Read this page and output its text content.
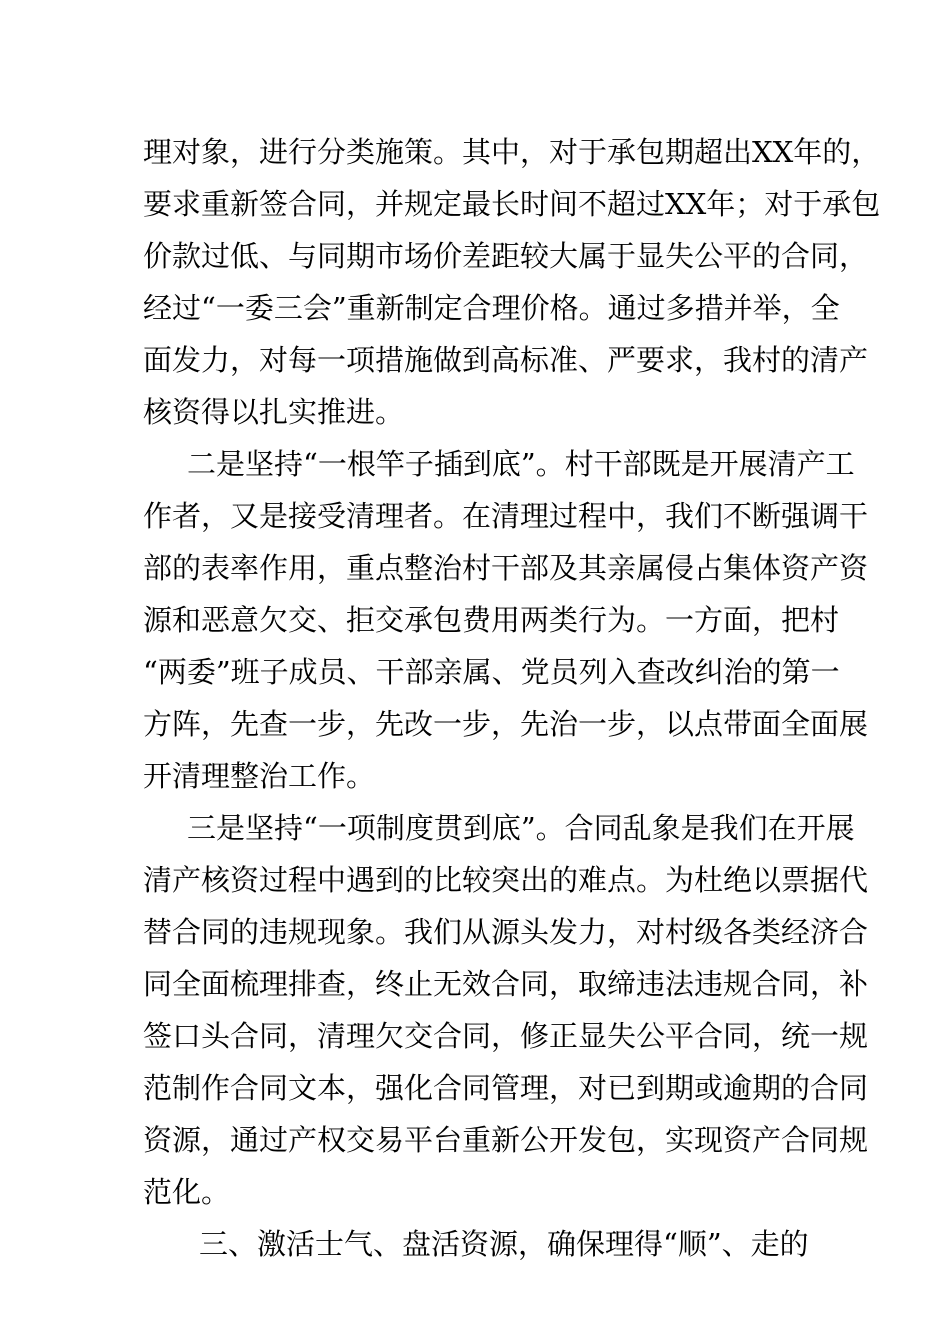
理对象，进行分类施策。其中，对于承包期超出XX年的，
要求重新签合同，并规定最长时间不超过XX年；对于承包
价款过低、与同期市场价差距较大属于显失公平的合同，
经过“一委三会”重新制定合理价格。通过多措并举，全
面发力，对每一项措施做到高标准、严要求，我村的清产
核资得以扎实推进。
二是坚持“一根竿子插到底”。村干部既是开展清产工
作者，又是接受清理者。在清理过程中，我们不断强调干
部的表率作用，重点整治村干部及其亲属侵占集体资产资
源和恶意欠交、拒交承包费用两类行为。一方面，把村
“两委”班子成员、干部亲属、党员列入查改纠治的第一
方阵，先查一步，先改一步，先治一步，以点带面全面展
开清理整治工作。
三是坚持“一项制度贯到底”。合同乱象是我们在开展
清产核资过程中遇到的比较突出的难点。为杜绝以票据代
替合同的违规现象。我们从源头发力，对村级各类经济合
同全面梳理排查，终止无效合同，取缔违法违规合同，补
签口头合同，清理欠交合同，修正显失公平合同，统一规
范制作合同文本，强化合同管理，对已到期或逾期的合同
资源，通过产权交易平台重新公开发包，实现资产合同规
范化。
三、激活士气、盘活资源，确保理得“顺”、走的
